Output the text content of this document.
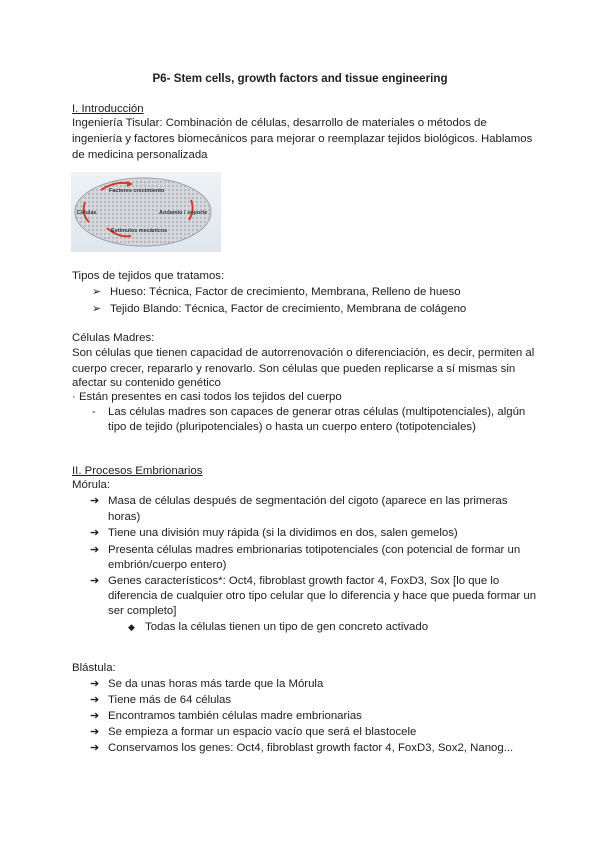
P6- Stem cells, growth factors and tissue engineering
I. Introducción
Ingeniería Tisular: Combinación de células, desarrollo de materiales o métodos de
ingeniería y factores biomecánicos para mejorar o reemplazar tejidos biológicos. Hablamos
de medicina personalizada
Factores crecimiento
Células	Andamio / soporte
Estímulos mecánicos
Tipos de tejidos que tratamos:
➢ Hueso: Técnica, Factor de crecimiento, Membrana, Relleno de hueso
➢ Tejido Blando: Técnica, Factor de crecimiento, Membrana de colágeno
Células Madres:
Son células que tienen capacidad de autorrenovación o diferenciación, es decir, permiten al
cuerpo crecer, repararlo y renovarlo. Son células que pueden replicarse a sí mismas sin
afectar su contenido genético
· Están presentes en casi todos los tejidos del cuerpo
- Las células madres son capaces de generar otras células (multipotenciales), algún
tipo de tejido (pluripotenciales) o hasta un cuerpo entero (totipotenciales)
II. Procesos Embrionarios
Mórula:
➔ Masa de células después de segmentación del cigoto (aparece en las primeras
horas)
➔ Tiene una división muy rápida (si la dividimos en dos, salen gemelos)
➔ Presenta células madres embrionarias totipotenciales (con potencial de formar un
embrión/cuerpo entero)
➔ Genes característicos*: Oct4, fibroblast growth factor 4, FoxD3, Sox [lo que lo
diferencia de cualquier otro tipo celular que lo diferencia y hace que pueda formar un
ser completo]
◆ Todas la células tienen un tipo de gen concreto activado
Blástula:
➔ Se da unas horas más tarde que la Mórula
➔ Tiene más de 64 células
➔ Encontramos también células madre embrionarias
➔ Se empieza a formar un espacio vacío que será el blastocele
➔ Conservamos los genes: Oct4, fibroblast growth factor 4, FoxD3, Sox2, Nanog...
